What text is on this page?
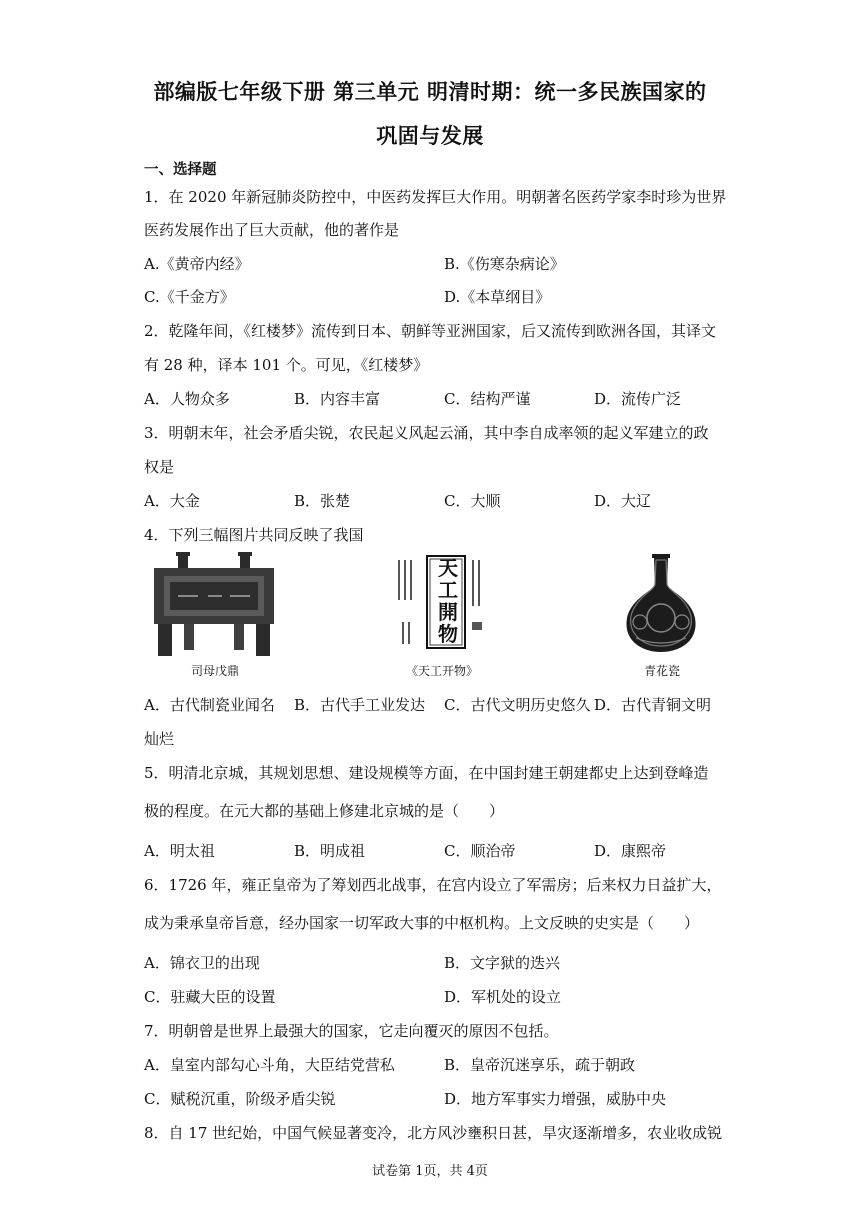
部编版七年级下册 第三单元 明清时期：统一多民族国家的
巩固与发展
一、选择题
1．在 2020 年新冠肺炎防控中，中医药发挥巨大作用。明朝著名医药学家李时珍为世界
医药发展作出了巨大贡献，他的著作是
A.《黄帝内经》	B.《伤寒杂病论》
C.《千金方》	D.《本草纲目》
2．乾隆年间，《红楼梦》流传到日本、朝鲜等亚洲国家，后又流传到欧洲各国，其译文
有 28 种，译本 101 个。可见，《红楼梦》
A．人物众多	B．内容丰富	C．结构严谨	D．流传广泛
3．明朝末年，社会矛盾尖锐，农民起义风起云涌，其中李自成率领的起义军建立的政
权是
A．大金	B．张楚	C．大顺	D．大辽
4．下列三幅图片共同反映了我国
天
工
開
物
司母戊鼎	《天工开物》	青花瓷
A．古代制瓷业闻名 B．古代手工业发达 C．古代文明历史悠久 D．古代青铜文明
灿烂
5．明清北京城，其规划思想、建设规模等方面，在中国封建王朝建都史上达到登峰造
极的程度。在元大都的基础上修建北京城的是（　　）
A．明太祖	B．明成祖	C．顺治帝	D．康熙帝
6．1726 年，雍正皇帝为了筹划西北战事，在宫内设立了军需房；后来权力日益扩大，
成为秉承皇帝旨意，经办国家一切军政大事的中枢机构。上文反映的史实是（　　）
A．锦衣卫的出现	B．文字狱的迭兴
C．驻藏大臣的设置	D．军机处的设立
7．明朝曾是世界上最强大的国家，它走向覆灭的原因不包括。
A．皇室内部勾心斗角，大臣结党营私	B．皇帝沉迷享乐，疏于朝政
C．赋税沉重，阶级矛盾尖锐	D．地方军事实力增强，威胁中央
8．自 17 世纪始，中国气候显著变冷，北方风沙壅积日甚，旱灾逐渐增多，农业收成锐
试卷第 1页，共 4页
